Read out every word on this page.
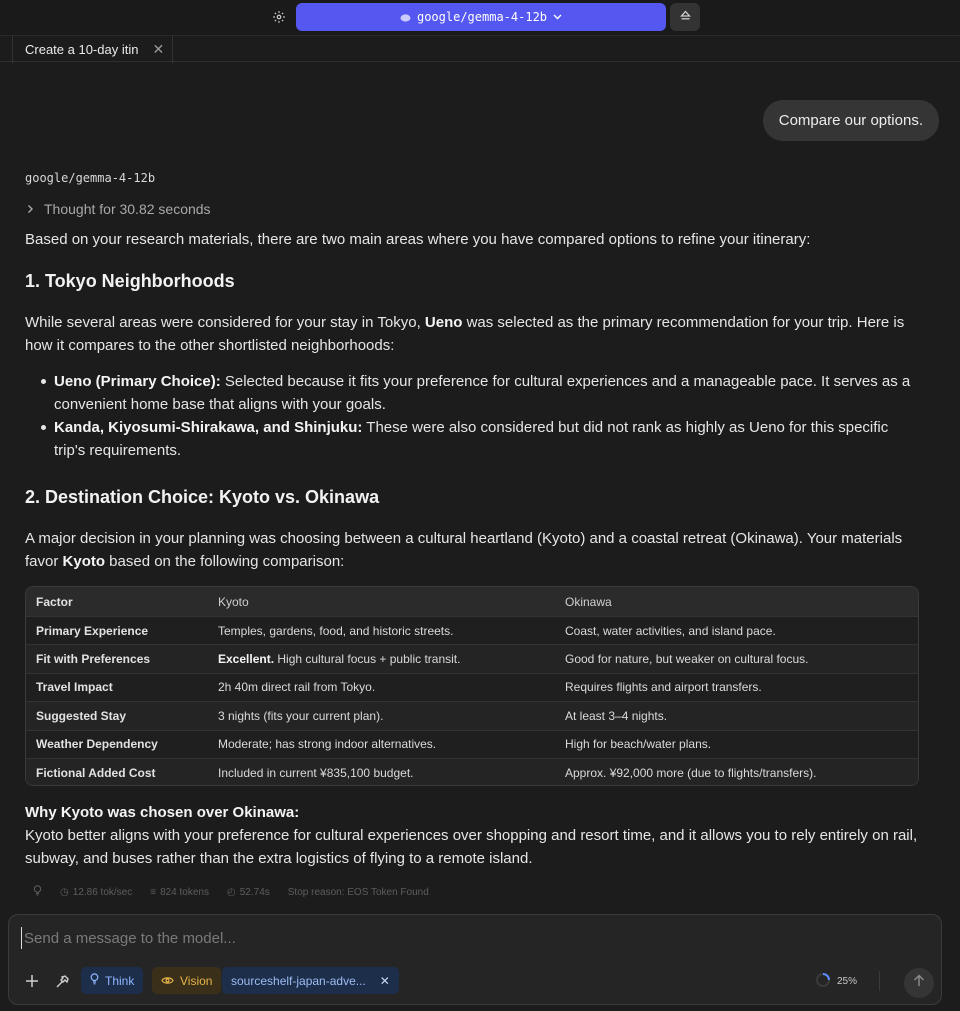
google/gemma-4-12b
Create a 10-day itin ✕
Compare our options.
google/gemma-4-12b
Thought for 30.82 seconds

Based on your research materials, there are two main areas where you have compared options to refine your itinerary:

1. Tokyo Neighborhoods

While several areas were considered for your stay in Tokyo, Ueno was selected as the primary recommendation for your trip. Here is how it compares to the other shortlisted neighborhoods:

Ueno (Primary Choice): Selected because it fits your preference for cultural experiences and a manageable pace. It serves as a convenient home base that aligns with your goals.
Kanda, Kiyosumi-Shirakawa, and Shinjuku: These were also considered but did not rank as highly as Ueno for this specific trip's requirements.
2. Destination Choice: Kyoto vs. Okinawa

A major decision in your planning was choosing between a cultural heartland (Kyoto) and a coastal retreat (Okinawa). Your materials favor Kyoto based on the following comparison:

Why Kyoto was chosen over Okinawa:

Kyoto better aligns with your preference for cultural experiences over shopping and resort time, and it allows you to rely entirely on rail, subway, and buses rather than the extra logistics of flying to a remote island.

Factor	Kyoto	Okinawa
Primary Experience	Temples, gardens, food, and historic streets.	Coast, water activities, and island pace.
Fit with Preferences	Excellent. High cultural focus + public transit.	Good for nature, but weaker on cultural focus.
Travel Impact	2h 40m direct rail from Tokyo.	Requires flights and airport transfers.
Suggested Stay	3 nights (fits your current plan).	At least 3–4 nights.
Weather Dependency	Moderate; has strong indoor alternatives.	High for beach/water plans.
Fictional Added Cost	Included in current ¥835,100 budget.	Approx. ¥92,000 more (due to flights/transfers).
◷ 12.86 tok/sec ≡ 824 tokens ◴ 52.74s Stop reason: EOS Token Found
Send a message to the model...
Think	Vision sourceshelf-japan-adve... ✕	25%
